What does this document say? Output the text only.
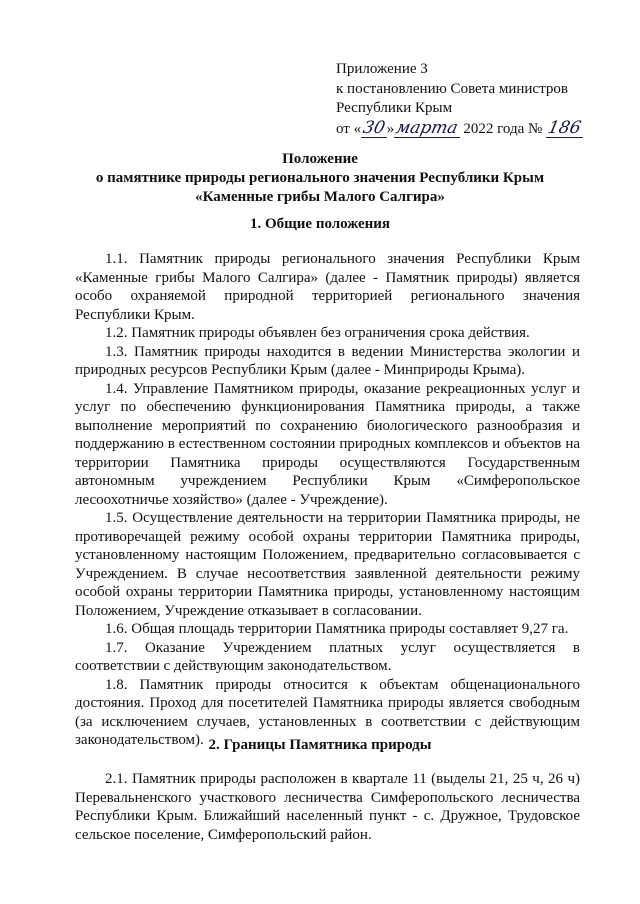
Приложение 3
к постановлению Совета министров
Республики Крым
от «30»марта 2022 года № 186
Положение
о памятнике природы регионального значения Республики Крым
«Каменные грибы Малого Салгира»
1. Общие положения

1.1. Памятник природы регионального значения Республики Крым «Каменные грибы Малого Салгира» (далее - Памятник природы) является особо охраняемой природной территорией регионального значения Республики Крым.

1.2. Памятник природы объявлен без ограничения срока действия.

1.3. Памятник природы находится в ведении Министерства экологии и природных ресурсов Республики Крым (далее - Минприроды Крыма).

1.4. Управление Памятником природы, оказание рекреационных услуг и услуг по обеспечению функционирования Памятника природы, а также выполнение мероприятий по сохранению биологического разнообразия и поддержанию в естественном состоянии природных комплексов и объектов на территории Памятника природы осуществляются Государственным автономным учреждением Республики Крым «Симферопольское лесоохотничье хозяйство» (далее - Учреждение).

1.5. Осуществление деятельности на территории Памятника природы, не противоречащей режиму особой охраны территории Памятника природы, установленному настоящим Положением, предварительно согласовывается с Учреждением. В случае несоответствия заявленной деятельности режиму особой охраны территории Памятника природы, установленному настоящим Положением, Учреждение отказывает в согласовании.

1.6. Общая площадь территории Памятника природы составляет 9,27 га.

1.7. Оказание Учреждением платных услуг осуществляется в соответствии с действующим законодательством.

1.8. Памятник природы относится к объектам общенационального достояния. Проход для посетителей Памятника природы является свободным (за исключением случаев, установленных в соответствии с действующим законодательством). 2. Границы Памятника природы

2.1. Памятник природы расположен в квартале 11 (выделы 21, 25 ч, 26 ч) Перевальненского участкового лесничества Симферопольского лесничества Республики Крым. Ближайший населенный пункт - с. Дружное, Трудовское сельское поселение, Симферопольский район.
